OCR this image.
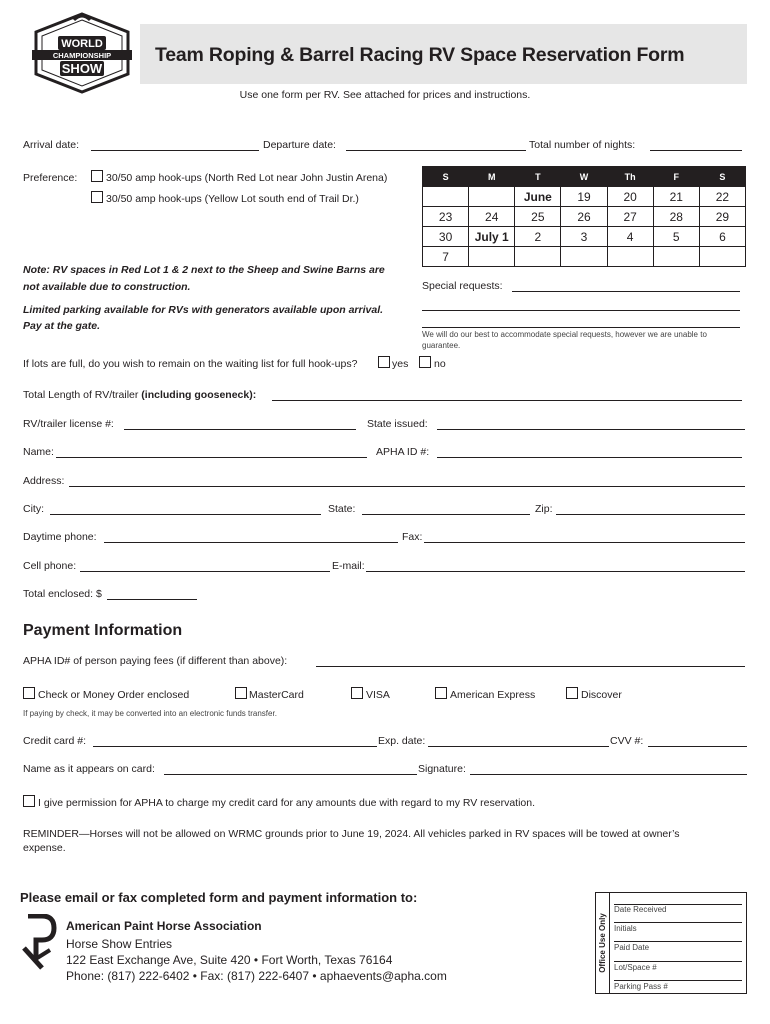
WORLD
CHAMPIONSHIP
SHOW
Team Roping & Barrel Racing RV Space Reservation Form
Use one form per RV. See attached for prices and instructions.
Arrival date:	Departure date:	Total number of nights:
Preference:	30/50 amp hook-ups (North Red Lot near John Justin Arena)
30/50 amp hook-ups (Yellow Lot south end of Trail Dr.)
S	M	T	W	Th	F	S
		June	19	20	21	22
23	24	25	26	27	28	29
30	July 1	2	3	4	5	6
7						
Note: RV spaces in Red Lot 1 & 2 next to the Sheep and Swine Barns are
not available due to construction.
Limited parking available for RVs with generators available upon arrival.
Pay at the gate.
Special requests:
We will do our best to accommodate special requests, however we are unable to
guarantee.
If lots are full, do you wish to remain on the waiting list for full hook-ups?	yes no
Total Length of RV/trailer (including gooseneck):
RV/trailer license #:	State issued:
Name:	APHA ID #:
Address:
City:	State:	Zip:
Daytime phone:	Fax:
Cell phone:	E-mail:
Total enclosed: $
Payment Information
APHA ID# of person paying fees (if different than above):
Check or Money Order enclosed	MasterCard	VISA	American Express	Discover
If paying by check, it may be converted into an electronic funds transfer.
Credit card #:	Exp. date:	CVV #:
Name as it appears on card:	Signature:
I give permission for APHA to charge my credit card for any amounts due with regard to my RV reservation.
REMINDER—Horses will not be allowed on WRMC grounds prior to June 19, 2024. All vehicles parked in RV spaces will be towed at owner’s
expense.
Please email or fax completed form and payment information to:
American Paint Horse Association
Horse Show Entries
122 East Exchange Ave, Suite 420 • Fort Worth, Texas 76164
Phone: (817) 222-6402 • Fax: (817) 222-6407 • aphaevents@apha.com
Office Use Only
Date Received
Initials
Paid Date
Lot/Space #
Parking Pass #
